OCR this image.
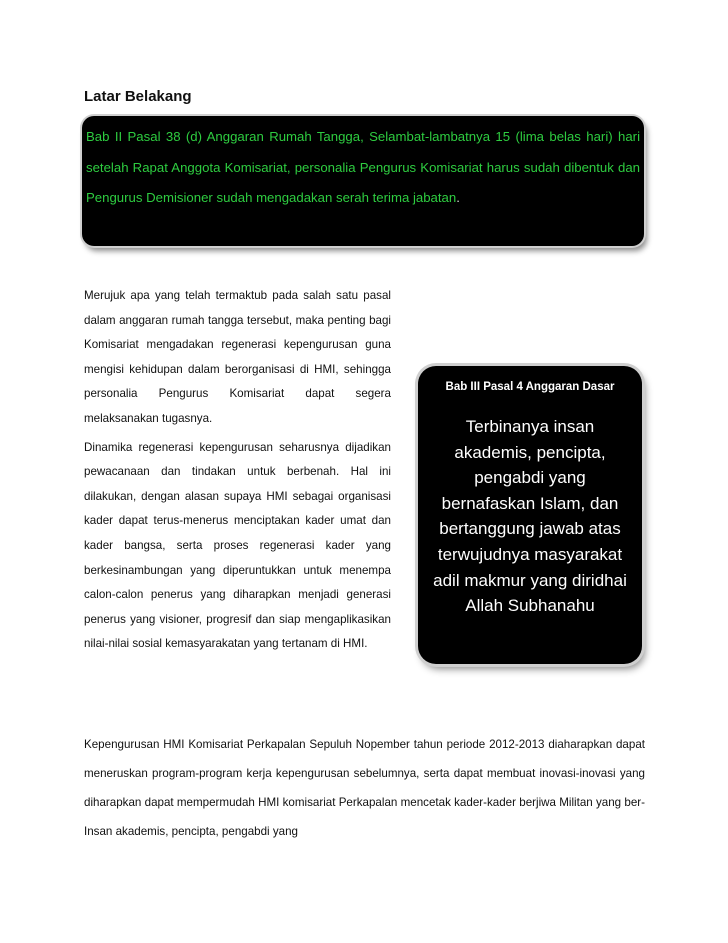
Latar Belakang
Bab II Pasal 38 (d) Anggaran Rumah Tangga, Selambat-lambatnya 15 (lima belas hari) hari setelah Rapat Anggota Komisariat, personalia Pengurus Komisariat harus sudah dibentuk dan Pengurus Demisioner sudah mengadakan serah terima jabatan.

Merujuk apa yang telah termaktub pada salah satu pasal dalam anggaran rumah tangga tersebut, maka penting bagi Komisariat mengadakan regenerasi kepengurusan guna mengisi kehidupan dalam berorganisasi di HMI, sehingga personalia Pengurus Komisariat dapat segera melaksanakan tugasnya.

Dinamika regenerasi kepengurusan seharusnya dijadikan pewacanaan dan tindakan untuk berbenah. Hal ini dilakukan, dengan alasan supaya HMI sebagai organisasi kader dapat terus-menerus menciptakan kader umat dan kader bangsa, serta proses regenerasi kader yang berkesinambungan yang diperuntukkan untuk menempa calon-calon penerus yang diharapkan menjadi generasi penerus yang visioner, progresif dan siap mengaplikasikan nilai-nilai sosial kemasyarakatan yang tertanam di HMI.

Bab III Pasal 4 Anggaran Dasar
Terbinanya insan akademis, pencipta, pengabdi yang bernafaskan Islam, dan bertanggung jawab atas terwujudnya masyarakat adil makmur yang diridhai Allah Subhanahu

Kepengurusan HMI Komisariat Perkapalan Sepuluh Nopember tahun periode 2012-2013 diaharapkan dapat meneruskan program-program kerja kepengurusan sebelumnya, serta dapat membuat inovasi-inovasi yang diharapkan dapat mempermudah HMI komisariat Perkapalan mencetak kader-kader berjiwa Militan yang ber-Insan akademis, pencipta, pengabdi yang
